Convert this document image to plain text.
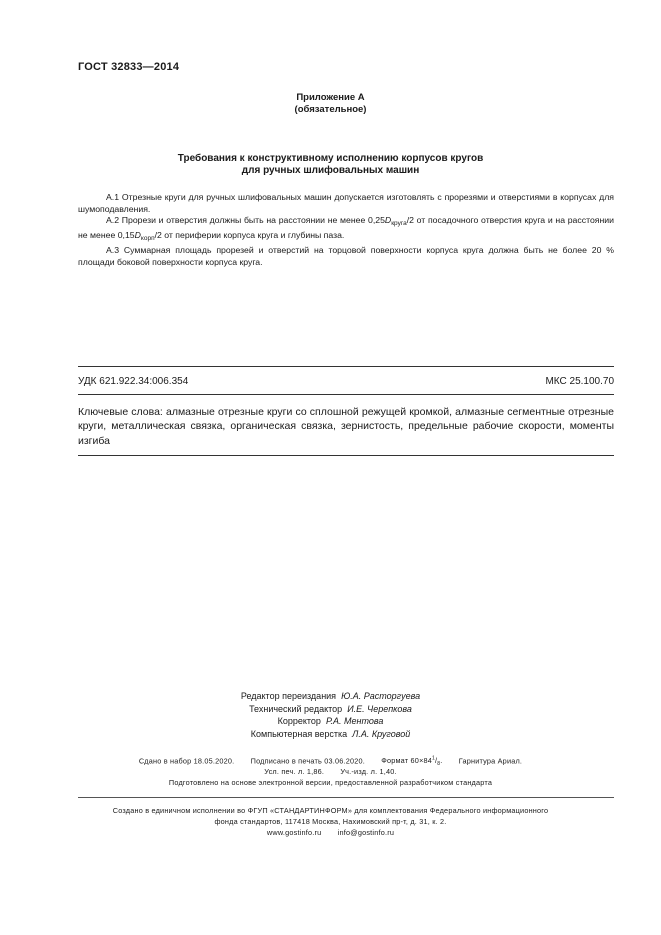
ГОСТ 32833—2014
Приложение А
(обязательное)
Требования к конструктивному исполнению корпусов кругов
для ручных шлифовальных машин

А.1 Отрезные круги для ручных шлифовальных машин допускается изготовлять с прорезями и отверстиями в корпусах для шумоподавления.

А.2 Прорези и отверстия должны быть на расстоянии не менее $0,25D_{круга}/2$ от посадочного отверстия круга и на расстоянии не менее $0,15D_{корп}/2$ от периферии корпуса круга и глубины паза.

А.3 Суммарная площадь прорезей и отверстий на торцовой поверхности корпуса круга должна быть не более 20 % площади боковой поверхности корпуса круга.

УДК 621.922.34:006.354	МКС 25.100.70
Ключевые слова: алмазные отрезные круги со сплошной режущей кромкой, алмазные сегментные отрезные круги, металлическая связка, органическая связка, зернистость, предельные рабочие скорости, моменты изгиба
Редактор переиздания Ю.А. Расторгуева
Технический редактор И.Е. Черепкова
Корректор Р.А. Ментова
Компьютерная верстка Л.А. Круговой
Сдано в набор 18.05.2020. Подписано в печать 03.06.2020. Формат $60\times 84^1/_8$. Гарнитура Ариал.
Усл. печ. л. 1,86. Уч.-изд. л. 1,40.
Подготовлено на основе электронной версии, предоставленной разработчиком стандарта
Создано в единичном исполнении во ФГУП «СТАНДАРТИНФОРМ» для комплектования Федерального информационного
фонда стандартов, 117418 Москва, Нахимовский пр-т, д. 31, к. 2.
www.gostinfo.ru info@gostinfo.ru
